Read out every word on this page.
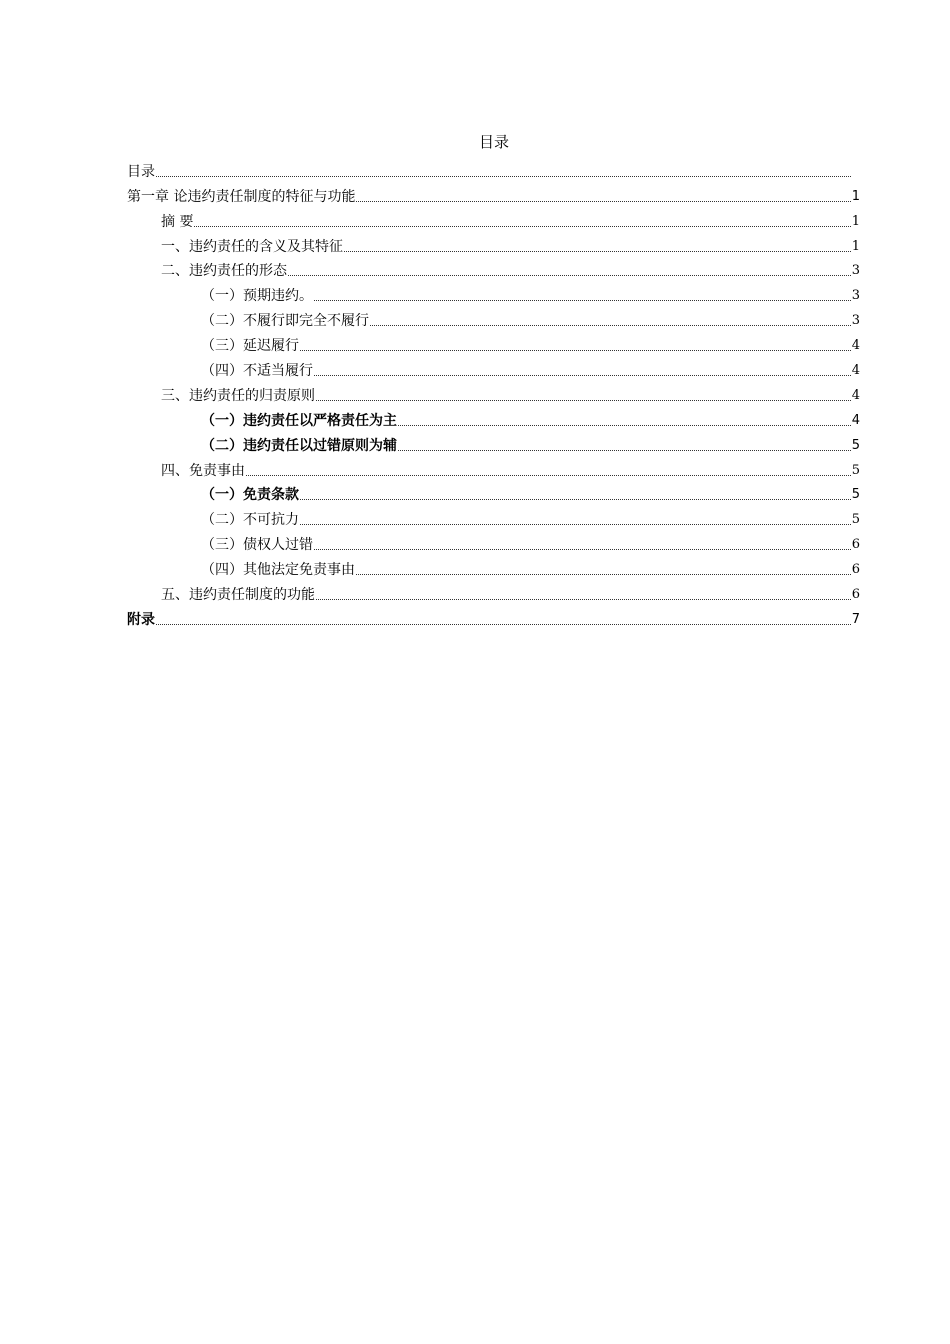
目录
目录
第一章 论违约责任制度的特征与功能	1
摘 要	1
一、违约责任的含义及其特征	1
二、违约责任的形态	3
（一）预期违约。	3
（二）不履行即完全不履行	3
（三）延迟履行	4
（四）不适当履行	4
三、违约责任的归责原则	4
（一）违约责任以严格责任为主	4
（二）违约责任以过错原则为辅	5
四、免责事由	5
（一）免责条款	5
（二）不可抗力	5
（三）债权人过错	6
（四）其他法定免责事由	6
五、违约责任制度的功能	6
附录	7
